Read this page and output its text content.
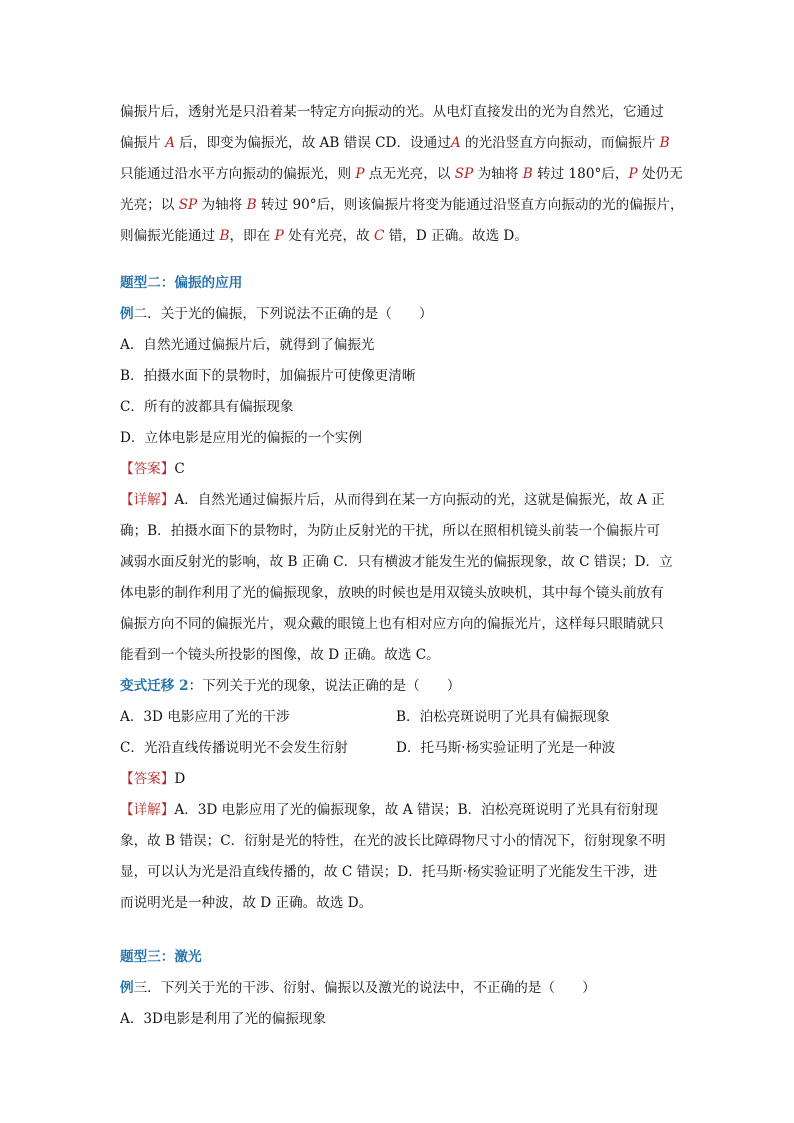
偏振片后，透射光是只沿着某一特定方向振动的光。从电灯直接发出的光为自然光，它通过
偏振片 A 后，即变为偏振光，故 AB 错误 CD．设通过A 的光沿竖直方向振动，而偏振片 B
只能通过沿水平方向振动的偏振光，则 P 点无光亮，以 SP 为轴将 B 转过 180°后，P 处仍无
光亮；以 SP 为轴将 B 转过 90°后，则该偏振片将变为能通过沿竖直方向振动的光的偏振片，
则偏振光能通过 B，即在 P 处有光亮，故 C 错，D 正确。故选 D。
题型二：偏振的应用
例二．关于光的偏振，下列说法不正确的是（　　）
A．自然光通过偏振片后，就得到了偏振光
B．拍摄水面下的景物时，加偏振片可使像更清晰
C．所有的波都具有偏振现象
D．立体电影是应用光的偏振的一个实例
【答案】C
【详解】A．自然光通过偏振片后，从而得到在某一方向振动的光，这就是偏振光，故 A 正
确；B．拍摄水面下的景物时，为防止反射光的干扰，所以在照相机镜头前装一个偏振片可
减弱水面反射光的影响，故 B 正确 C．只有横波才能发生光的偏振现象，故 C 错误；D．立
体电影的制作利用了光的偏振现象，放映的时候也是用双镜头放映机，其中每个镜头前放有
偏振方向不同的偏振光片，观众戴的眼镜上也有相对应方向的偏振光片，这样每只眼睛就只
能看到一个镜头所投影的图像，故 D 正确。故选 C。
变式迁移 2：下列关于光的现象，说法正确的是（　　）
A．3D 电影应用了光的干涉	B．泊松亮斑说明了光具有偏振现象
C．光沿直线传播说明光不会发生衍射	D．托马斯·杨实验证明了光是一种波
【答案】D
【详解】A．3D 电影应用了光的偏振现象，故 A 错误；B．泊松亮斑说明了光具有衍射现
象，故 B 错误；C．衍射是光的特性，在光的波长比障碍物尺寸小的情况下，衍射现象不明
显，可以认为光是沿直线传播的，故 C 错误；D．托马斯·杨实验证明了光能发生干涉，进
而说明光是一种波，故 D 正确。故选 D。
题型三：激光
例三．下列关于光的干涉、衍射、偏振以及激光的说法中，不正确的是（　　）
A．3D电影是利用了光的偏振现象
